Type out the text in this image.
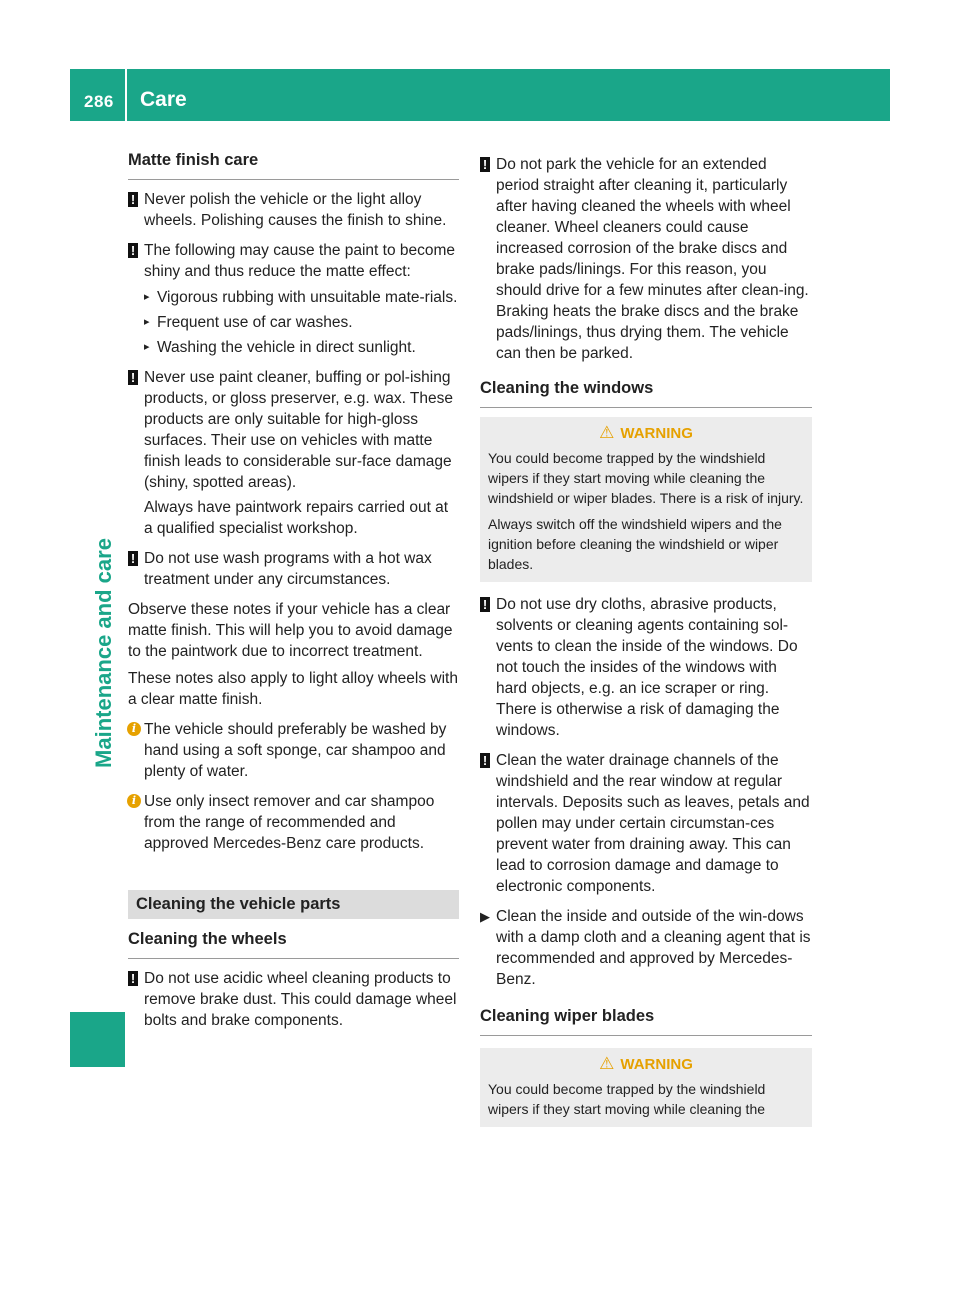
286 Care
Maintenance and care
Matte finish care
! Never polish the vehicle or the light alloy wheels. Polishing causes the finish to shine.

! The following may cause the paint to become shiny and thus reduce the matte effect:

▸ Vigorous rubbing with unsuitable mate-rials.
▸ Frequent use of car washes.
▸ Washing the vehicle in direct sunlight.
! Never use paint cleaner, buffing or pol-ishing products, or gloss preserver, e.g. wax. These products are only suitable for high-gloss surfaces. Their use on vehicles with matte finish leads to considerable sur-face damage (shiny, spotted areas).

Always have paintwork repairs carried out at a qualified specialist workshop.

! Do not use wash programs with a hot wax treatment under any circumstances.

Observe these notes if your vehicle has a clear matte finish. This will help you to avoid damage to the paintwork due to incorrect treatment.

These notes also apply to light alloy wheels with a clear matte finish.

i The vehicle should preferably be washed by hand using a soft sponge, car shampoo and plenty of water.

i Use only insect remover and car shampoo from the range of recommended and approved Mercedes-Benz care products.

Cleaning the vehicle parts
Cleaning the wheels
! Do not use acidic wheel cleaning products to remove brake dust. This could damage wheel bolts and brake components.

! Do not park the vehicle for an extended period straight after cleaning it, particularly after having cleaned the wheels with wheel cleaner. Wheel cleaners could cause increased corrosion of the brake discs and brake pads/linings. For this reason, you should drive for a few minutes after clean-ing. Braking heats the brake discs and the brake pads/linings, thus drying them. The vehicle can then be parked.

Cleaning the windows
⚠ WARNING

You could become trapped by the windshield wipers if they start moving while cleaning the windshield or wiper blades. There is a risk of injury.

Always switch off the windshield wipers and the ignition before cleaning the windshield or wiper blades.

! Do not use dry cloths, abrasive products, solvents or cleaning agents containing sol-vents to clean the inside of the windows. Do not touch the insides of the windows with hard objects, e.g. an ice scraper or ring. There is otherwise a risk of damaging the windows.

! Clean the water drainage channels of the windshield and the rear window at regular intervals. Deposits such as leaves, petals and pollen may under certain circumstan-ces prevent water from draining away. This can lead to corrosion damage and damage to electronic components.

▶ Clean the inside and outside of the win-dows with a damp cloth and a cleaning agent that is recommended and approved by Mercedes-Benz.

Cleaning wiper blades
⚠ WARNING

You could become trapped by the windshield wipers if they start moving while cleaning the
